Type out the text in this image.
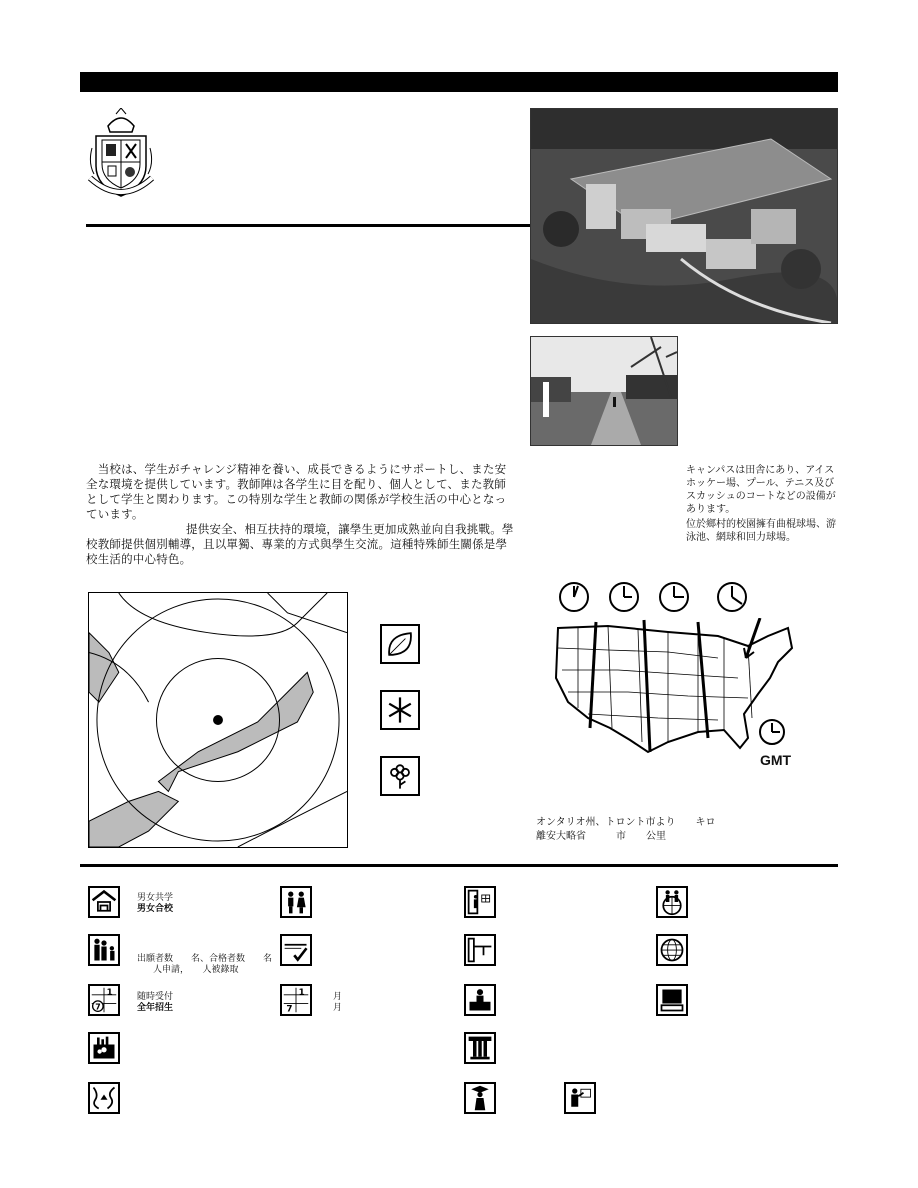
　当校は、学生がチャレンジ精神を養い、成長できるようにサポートし、また安全な環境を提供しています。教師陣は各学生に目を配り、個人として、また教師として学生と関わります。この特別な学生と教師の関係が学校生活の中心となっています。
提供安全、相互扶持的環境，讓學生更加成熟並向自我挑戰。學校教師提供個別輔導，且以單獨、專業的方式與學生交流。這種特殊師生關係是學校生活的中心特色。
キャンパスは田舎にあり、アイスホッケー場、プール、テニス及びスカッシュのコートなどの設備があります。
位於鄉村的校園擁有曲棍球場、游泳池、網球和回力球場。
GMT
オンタリオ州、トロント市より　　キロ
離安大略省　　　市　　公里
男女共学
男女合校
出願者数　　名、合格者数　　名
人申請，　　人被錄取
1
7
随時受付
全年招生
1
7
月
月
